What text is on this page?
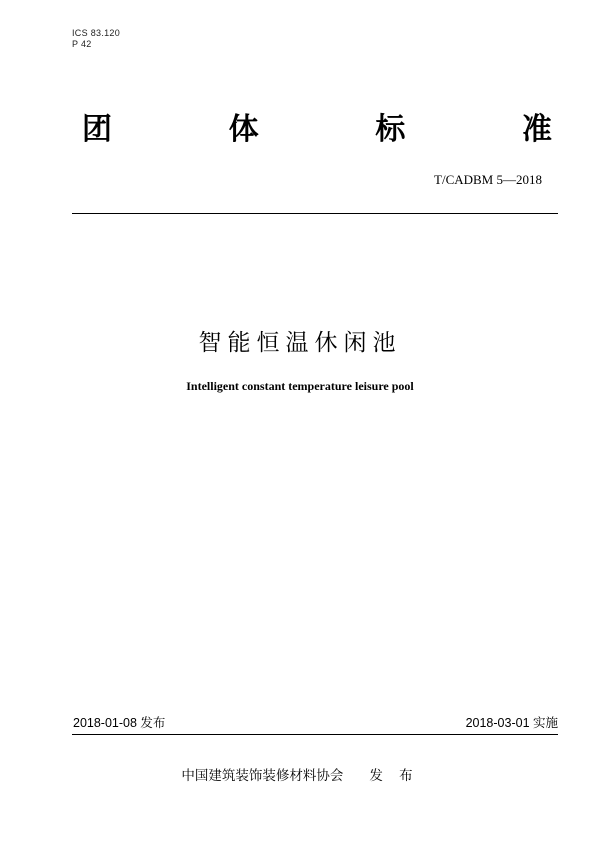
ICS 83.120
P 42
团	体	标	准
T/CADBM 5—2018
智能恒温休闲池
Intelligent constant temperature leisure pool
2018-01-08 发布	2018-03-01 实施
中国建筑装饰装修材料协会 发 布
